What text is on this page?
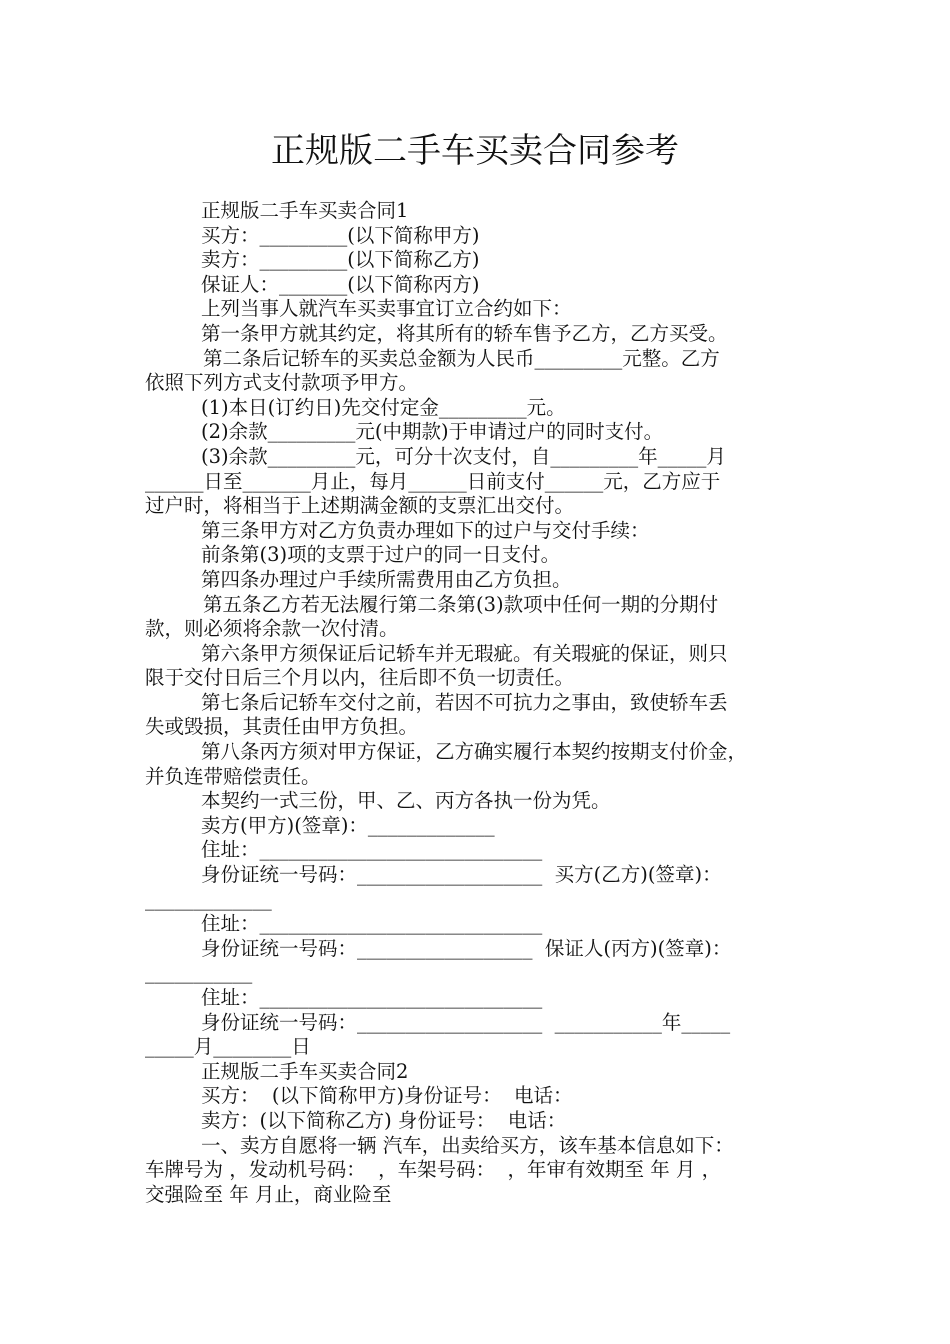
正规版二手车买卖合同参考
正规版二手车买卖合同1
买方：_________(以下简称甲方)
卖方：_________(以下简称乙方)
保证人：_______(以下简称丙方)
上列当事人就汽车买卖事宜订立合约如下：
第一条甲方就其约定，将其所有的轿车售予乙方，乙方买受。
第二条后记轿车的买卖总金额为人民币_________元整。乙方
依照下列方式支付款项予甲方。
(1)本日(订约日)先交付定金_________元。
(2)余款_________元(中期款)于申请过户的同时支付。
(3)余款_________元，可分十次支付，自_________年_____月
______日至_______月止，每月______日前支付______元，乙方应于
过户时，将相当于上述期满金额的支票汇出交付。
第三条甲方对乙方负责办理如下的过户与交付手续：
前条第(3)项的支票于过户的同一日支付。
第四条办理过户手续所需费用由乙方负担。
第五条乙方若无法履行第二条第(3)款项中任何一期的分期付
款，则必须将余款一次付清。
第六条甲方须保证后记轿车并无瑕疵。有关瑕疵的保证，则只
限于交付日后三个月以内，往后即不负一切责任。
第七条后记轿车交付之前，若因不可抗力之事由，致使轿车丢
失或毁损，其责任由甲方负担。
第八条丙方须对甲方保证，乙方确实履行本契约按期支付价金，
并负连带赔偿责任。
本契约一式三份，甲、乙、丙方各执一份为凭。
卖方(甲方)(签章)：_____________
住址：_____________________________
身份证统一号码：___________________  买方(乙方)(签章)：
_____________
住址：_____________________________
身份证统一号码：__________________  保证人(丙方)(签章)：
___________
住址：_____________________________
身份证统一号码：___________________  ___________年_____
_____月________日
正规版二手车买卖合同2
买方：  (以下简称甲方)身份证号：  电话：
卖方：(以下简称乙方) 身份证号：  电话：
一、卖方自愿将一辆 汽车，出卖给买方，该车基本信息如下：
车牌号为 ，发动机号码：  ，车架号码：  ，年审有效期至 年 月 ，
交强险至 年 月止，商业险至
